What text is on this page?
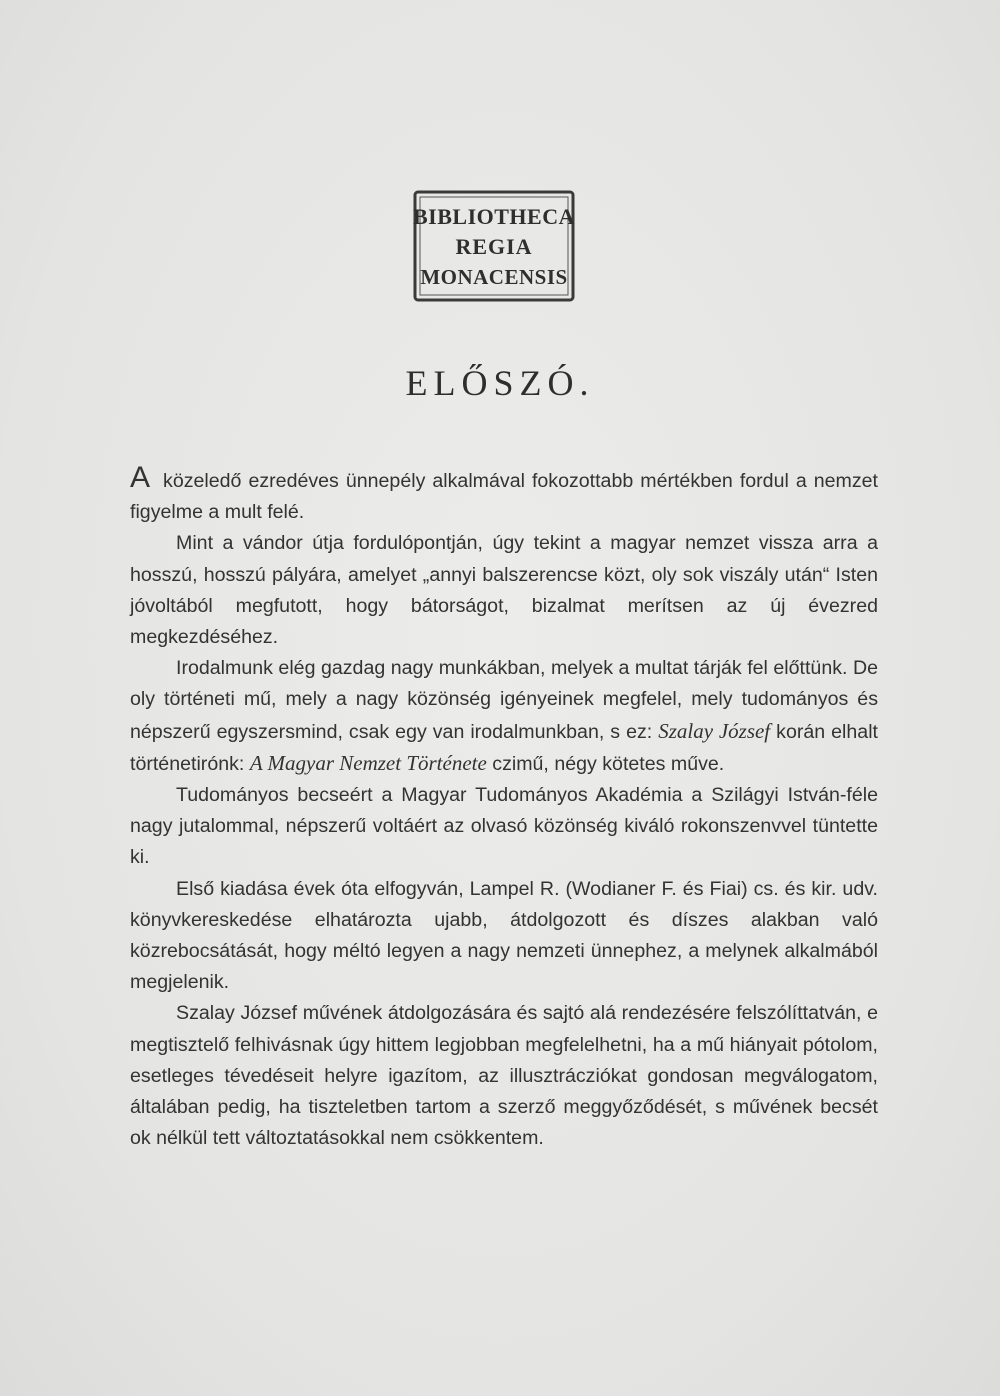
BIBLIOTHECA
REGIA
MONACENSIS
ELŐSZÓ.

A közeledő ezredéves ünnepély alkalmával fokozottabb mértékben fordul a nemzet figyelme a mult felé.

Mint a vándor útja fordulópontján, úgy tekint a magyar nemzet vissza arra a hosszú, hosszú pályára, amelyet „annyi balszerencse közt, oly sok viszály után“ Isten jóvoltából megfutott, hogy bátorságot, bizalmat merítsen az új évezred megkezdéséhez.

Irodalmunk elég gazdag nagy munkákban, melyek a multat tárják fel előttünk. De oly történeti mű, mely a nagy közönség igényeinek megfelel, mely tudományos és népszerű egyszersmind, csak egy van irodalmunkban, s ez: Szalay József korán elhalt történetirónk: A Magyar Nemzet Története czimű, négy kötetes műve.

Tudományos becseért a Magyar Tudományos Akadémia a Szilágyi István-féle nagy jutalommal, népszerű voltáért az olvasó közönség kiváló rokonszenvvel tüntette ki.

Első kiadása évek óta elfogyván, Lampel R. (Wodianer F. és Fiai) cs. és kir. udv. könyvkereskedése elhatározta ujabb, átdolgozott és díszes alakban való közrebocsátását, hogy méltó legyen a nagy nemzeti ünnephez, a melynek alkalmából megjelenik.

Szalay József művének átdolgozására és sajtó alá rendezésére felszólíttatván, e megtisztelő felhivásnak úgy hittem legjobban megfelelhetni, ha a mű hiányait pótolom, esetleges tévedéseit helyre igazítom, az illusztrácziókat gondosan megválogatom, általában pedig, ha tiszteletben tartom a szerző meggyőződését, s művének becsét ok nélkül tett változtatásokkal nem csökkentem.
